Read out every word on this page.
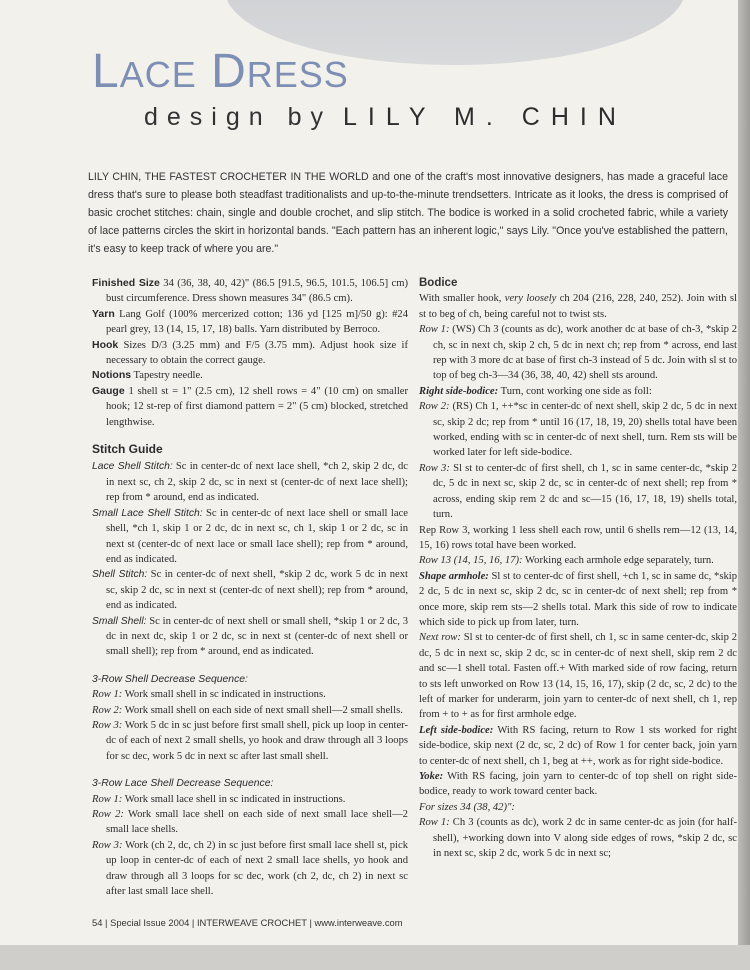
LACE DRESS
design by LILY M. CHIN
LILY CHIN, THE FASTEST CROCHETER IN THE WORLD and one of the craft's most innovative designers, has made a graceful lace dress that's sure to please both steadfast traditionalists and up-to-the-minute trendsetters. Intricate as it looks, the dress is comprised of basic crochet stitches: chain, single and double crochet, and slip stitch. The bodice is worked in a solid crocheted fabric, while a variety of lace patterns circles the skirt in horizontal bands. "Each pattern has an inherent logic," says Lily. "Once you've established the pattern, it's easy to keep track of where you are."

Finished Size 34 (36, 38, 40, 42)" (86.5 [91.5, 96.5, 101.5, 106.5] cm) bust circumference. Dress shown measures 34" (86.5 cm).

Yarn Lang Golf (100% mercerized cotton; 136 yd [125 m]/50 g): #24 pearl grey, 13 (14, 15, 17, 18) balls. Yarn distributed by Berroco.

Hook Sizes D/3 (3.25 mm) and F/5 (3.75 mm). Adjust hook size if necessary to obtain the correct gauge.

Notions Tapestry needle.

Gauge 1 shell st = 1" (2.5 cm), 12 shell rows = 4" (10 cm) on smaller hook; 12 st-rep of first diamond pattern = 2" (5 cm) blocked, stretched lengthwise.

Stitch Guide

Lace Shell Stitch: Sc in center-dc of next lace shell, *ch 2, skip 2 dc, dc in next sc, ch 2, skip 2 dc, sc in next st (center-dc of next lace shell); rep from * around, end as indicated.

Small Lace Shell Stitch: Sc in center-dc of next lace shell or small lace shell, *ch 1, skip 1 or 2 dc, dc in next sc, ch 1, skip 1 or 2 dc, sc in next st (center-dc of next lace or small lace shell); rep from * around, end as indicated.

Shell Stitch: Sc in center-dc of next shell, *skip 2 dc, work 5 dc in next sc, skip 2 dc, sc in next st (center-dc of next shell); rep from * around, end as indicated.

Small Shell: Sc in center-dc of next shell or small shell, *skip 1 or 2 dc, 3 dc in next dc, skip 1 or 2 dc, sc in next st (center-dc of next shell or small shell); rep from * around, end as indicated.

3-Row Shell Decrease Sequence:

Row 1: Work small shell in sc indicated in instructions.

Row 2: Work small shell on each side of next small shell—2 small shells.

Row 3: Work 5 dc in sc just before first small shell, pick up loop in center-dc of each of next 2 small shells, yo hook and draw through all 3 loops for sc dec, work 5 dc in next sc after last small shell.

3-Row Lace Shell Decrease Sequence:

Row 1: Work small lace shell in sc indicated in instructions.

Row 2: Work small lace shell on each side of next small lace shell—2 small lace shells.

Row 3: Work (ch 2, dc, ch 2) in sc just before first small lace shell st, pick up loop in center-dc of each of next 2 small lace shells, yo hook and draw through all 3 loops for sc dec, work (ch 2, dc, ch 2) in next sc after last small lace shell.

Bodice

With smaller hook, very loosely ch 204 (216, 228, 240, 252). Join with sl st to beg of ch, being careful not to twist sts.

Row 1: (WS) Ch 3 (counts as dc), work another dc at base of ch-3, *skip 2 ch, sc in next ch, skip 2 ch, 5 dc in next ch; rep from * across, end last rep with 3 more dc at base of first ch-3 instead of 5 dc. Join with sl st to top of beg ch-3—34 (36, 38, 40, 42) shell sts around.

Right side-bodice: Turn, cont working one side as foll:

Row 2: (RS) Ch 1, ++*sc in center-dc of next shell, skip 2 dc, 5 dc in next sc, skip 2 dc; rep from * until 16 (17, 18, 19, 20) shells total have been worked, ending with sc in center-dc of next shell, turn. Rem sts will be worked later for left side-bodice.

Row 3: Sl st to center-dc of first shell, ch 1, sc in same center-dc, *skip 2 dc, 5 dc in next sc, skip 2 dc, sc in center-dc of next shell; rep from * across, ending skip rem 2 dc and sc—15 (16, 17, 18, 19) shells total, turn.

Rep Row 3, working 1 less shell each row, until 6 shells rem—12 (13, 14, 15, 16) rows total have been worked.

Row 13 (14, 15, 16, 17): Working each armhole edge separately, turn.

Shape armhole: Sl st to center-dc of first shell, +ch 1, sc in same dc, *skip 2 dc, 5 dc in next sc, skip 2 dc, sc in center-dc of next shell; rep from * once more, skip rem sts—2 shells total. Mark this side of row to indicate which side to pick up from later, turn.

Next row: Sl st to center-dc of first shell, ch 1, sc in same center-dc, skip 2 dc, 5 dc in next sc, skip 2 dc, sc in center-dc of next shell, skip rem 2 dc and sc—1 shell total. Fasten off.+ With marked side of row facing, return to sts left unworked on Row 13 (14, 15, 16, 17), skip (2 dc, sc, 2 dc) to the left of marker for underarm, join yarn to center-dc of next shell, ch 1, rep from + to + as for first armhole edge.

Left side-bodice: With RS facing, return to Row 1 sts worked for right side-bodice, skip next (2 dc, sc, 2 dc) of Row 1 for center back, join yarn to center-dc of next shell, ch 1, beg at ++, work as for right side-bodice.

Yoke: With RS facing, join yarn to center-dc of top shell on right side-bodice, ready to work toward center back.

For sizes 34 (38, 42)":

Row 1: Ch 3 (counts as dc), work 2 dc in same center-dc as join (for half-shell), +working down into V along side edges of rows, *skip 2 dc, sc in next sc, skip 2 dc, work 5 dc in next sc;

54 | Special Issue 2004 | INTERWEAVE CROCHET | www.interweave.com
